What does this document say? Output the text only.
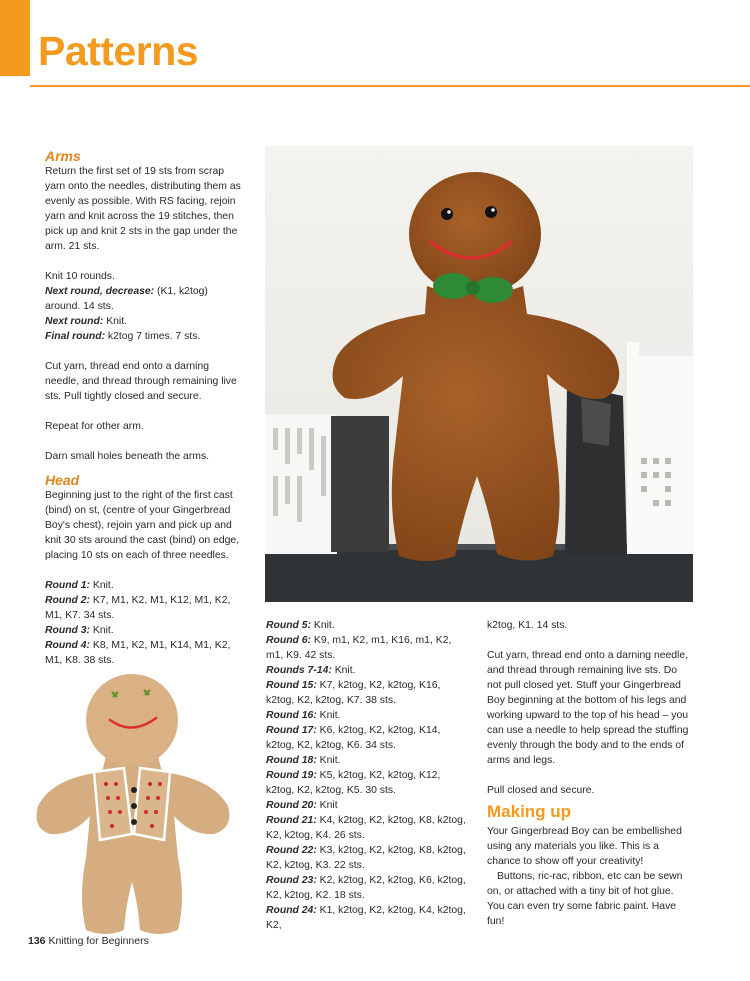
Patterns
Arms

Return the first set of 19 sts from scrap yarn onto the needles, distributing them as evenly as possible. With RS facing, rejoin yarn and knit across the 19 stitches, then pick up and knit 2 sts in the gap under the arm. 21 sts.

Knit 10 rounds.

Next round, decrease: (K1, k2tog) around. 14 sts.

Next round: Knit.

Final round: k2tog 7 times. 7 sts.

Cut yarn, thread end onto a darning needle, and thread through remaining live sts. Pull tightly closed and secure.

Repeat for other arm.

Darn small holes beneath the arms.

Head

Beginning just to the right of the first cast (bind) on st, (centre of your Gingerbread Boy's chest), rejoin yarn and pick up and knit 30 sts around the cast (bind) on edge, placing 10 sts on each of three needles.

Round 1: Knit.

Round 2: K7, M1, K2, M1, K12, M1, K2, M1, K7. 34 sts.

Round 3: Knit.

Round 4: K8, M1, K2, M1, K14, M1, K2, M1, K8. 38 sts.

Round 5: Knit.

Round 6: K9, m1, K2, m1, K16, m1, K2, m1, K9. 42 sts.

Rounds 7-14: Knit.

Round 15: K7, k2tog, K2, k2tog, K16, k2tog, K2, k2tog, K7. 38 sts.

Round 16: Knit.

Round 17: K6, k2tog, K2, k2tog, K14, k2tog, K2, k2tog, K6. 34 sts.

Round 18: Knit.

Round 19: K5, k2tog, K2, k2tog, K12, k2tog, K2, k2tog, K5. 30 sts.

Round 20: Knit

Round 21: K4, k2tog, K2, k2tog, K8, k2tog, K2, k2tog, K4. 26 sts.

Round 22: K3, k2tog, K2, k2tog, K8, k2tog, K2, k2tog, K3. 22 sts.

Round 23: K2, k2tog, K2, k2tog, K6, k2tog, K2, k2tog, K2. 18 sts.

Round 24: K1, k2tog, K2, k2tog, K4, k2tog, K2,

k2tog, K1. 14 sts.

Cut yarn, thread end onto a darning needle, and thread through remaining live sts. Do not pull closed yet. Stuff your Gingerbread Boy beginning at the bottom of his legs and working upward to the top of his head – you can use a needle to help spread the stuffing evenly through the body and to the ends of arms and legs.

Pull closed and secure.

Making up

Your Gingerbread Boy can be embellished using any materials you like. This is a chance to show off your creativity!

Buttons, ric-rac, ribbon, etc can be sewn on, or attached with a tiny bit of hot glue. You can even try some fabric paint. Have fun!

136 Knitting for Beginners
